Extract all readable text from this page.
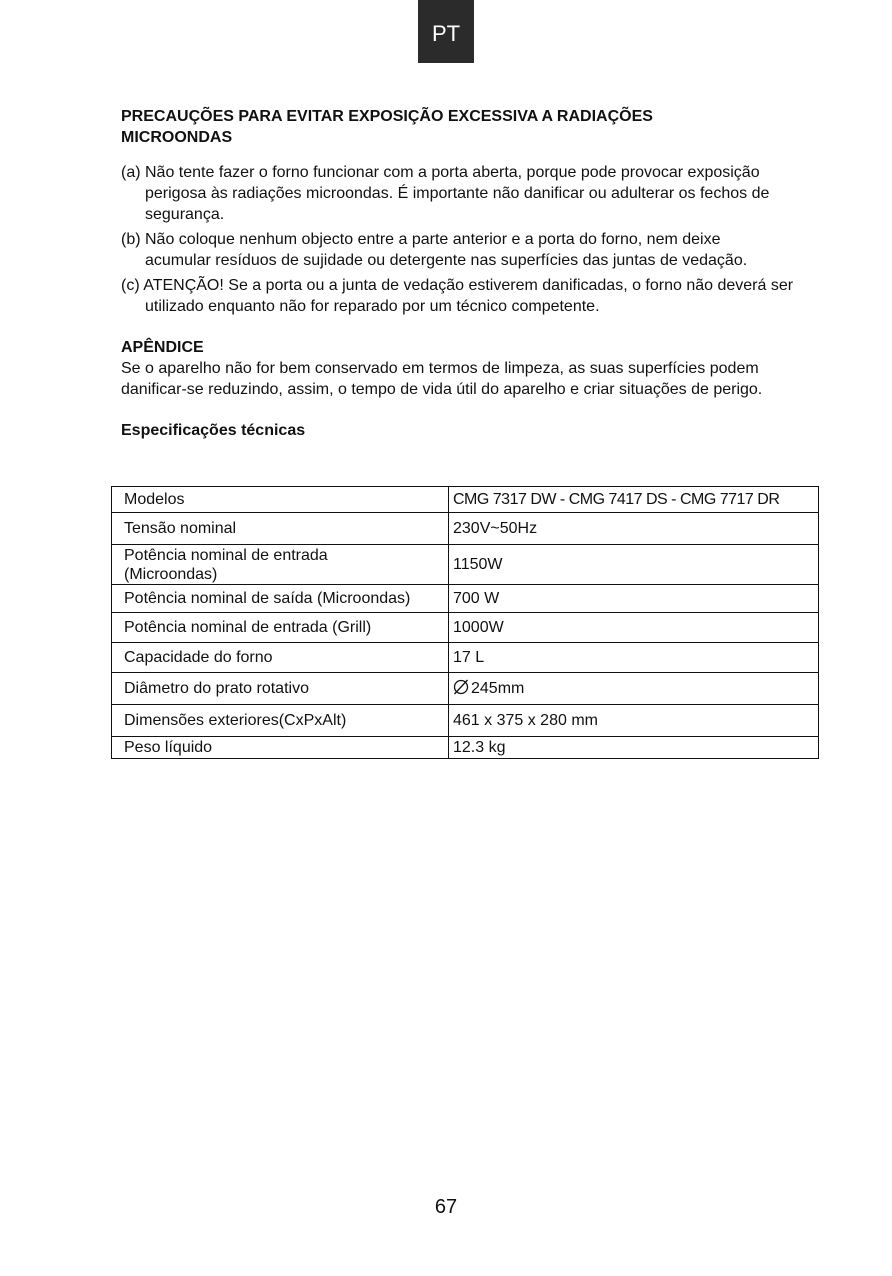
PT

PRECAUÇÕES PARA EVITAR EXPOSIÇÃO EXCESSIVA A RADIAÇÕES
MICROONDAS

(a) Não tente fazer o forno funcionar com a porta aberta, porque pode provocar exposição perigosa às radiações microondas. É importante não danificar ou adulterar os fechos de segurança.

(b) Não coloque nenhum objecto entre a parte anterior e a porta do forno, nem deixe acumular resíduos de sujidade ou detergente nas superfícies das juntas de vedação.

(c) ATENÇÃO! Se a porta ou a junta de vedação estiverem danificadas, o forno não deverá ser utilizado enquanto não for reparado por um técnico competente.

APÊNDICE

Se o aparelho não for bem conservado em termos de limpeza, as suas superfícies podem danificar-se reduzindo, assim, o tempo de vida útil do aparelho e criar situações de perigo.

Especificações técnicas

Modelos	CMG 7317 DW - CMG 7417 DS - CMG 7717 DR
Tensão nominal	230V~50Hz
Potência nominal de entrada (Microondas)	1150W
Potência nominal de saída (Microondas)	700 W
Potência nominal de entrada (Grill)	1000W
Capacidade do forno	17 L
Diâmetro do prato rotativo	245mm
Dimensões exteriores(CxPxAlt)	461 x 375 x 280 mm
Peso líquido	12.3 kg
67
